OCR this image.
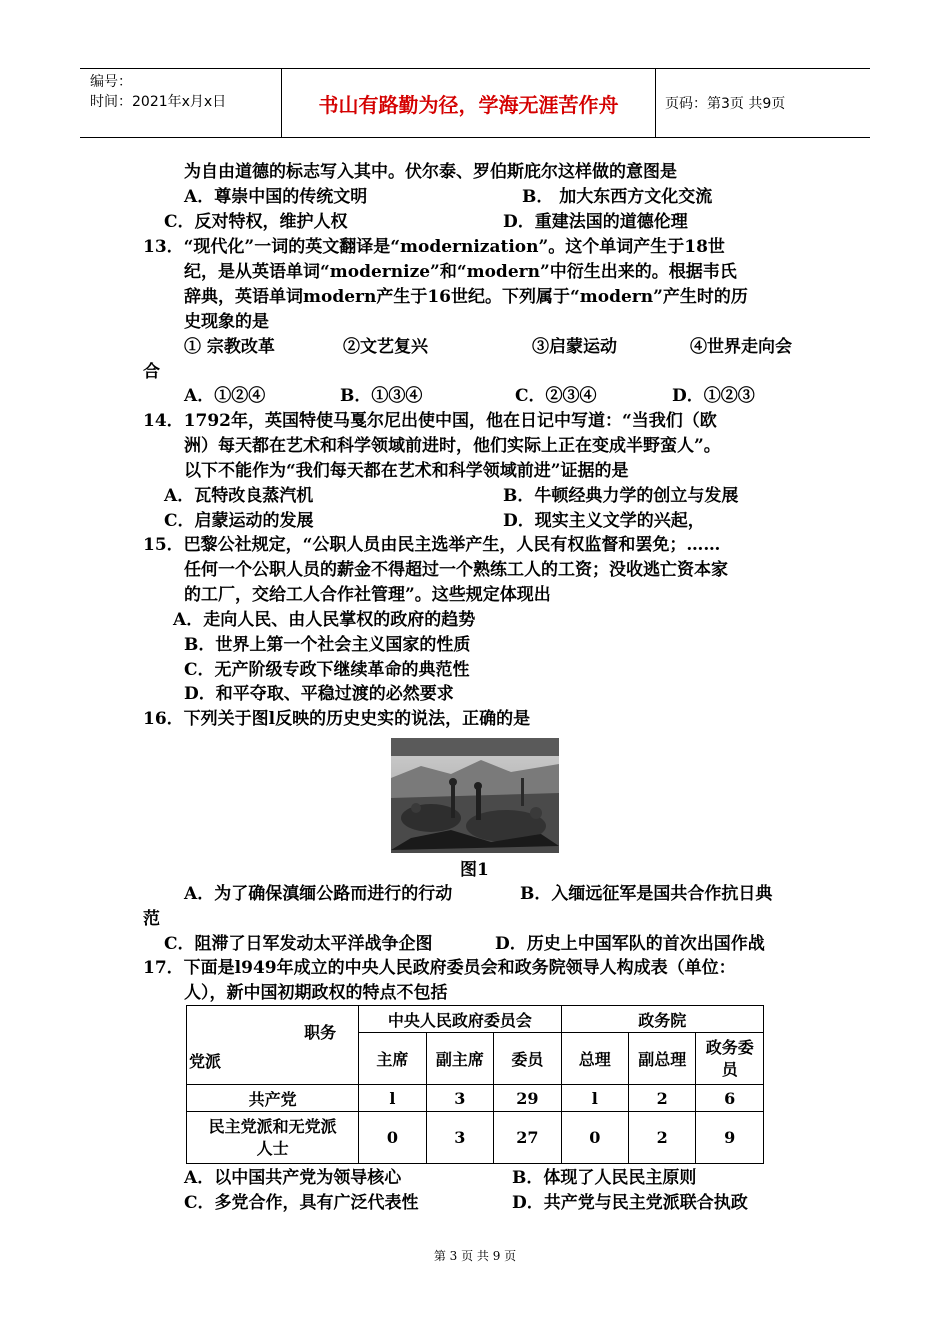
编号：
时间：2021年x月x日	书山有路勤为径，学海无涯苦作舟	页码：第3页 共9页
为自由道德的标志写入其中。伏尔泰、罗伯斯庇尔这样做的意图是
A．尊崇中国的传统文明	B． 加大东西方文化交流
C．反对特权，维护人权	D．重建法国的道德伦理
13．“现代化”一词的英文翻译是“modernization”。这个单词产生于18世
纪，是从英语单词“modernize”和“modern”中衍生出来的。根据韦氏
辞典，英语单词modern产生于16世纪。下列属于“modern”产生时的历
史现象的是
① 宗教改革	②文艺复兴	③启蒙运动	④世界走向会
合
A．①②④	B．①③④	C．②③④	D．①②③
14．1792年，英国特使马戛尔尼出使中国，他在日记中写道：“当我们（欧
洲）每天都在艺术和科学领域前进时，他们实际上正在变成半野蛮人”。
以下不能作为“我们每天都在艺术和科学领域前进”证据的是
A．瓦特改良蒸汽机	B．牛顿经典力学的创立与发展
C．启蒙运动的发展	D．现实主义文学的兴起，
15．巴黎公社规定，“公职人员由民主选举产生，人民有权监督和罢免；……
任何一个公职人员的薪金不得超过一个熟练工人的工资；没收逃亡资本家
的工厂，交给工人合作社管理”。这些规定体现出
A．走向人民、由人民掌权的政府的趋势
B．世界上第一个社会主义国家的性质
C．无产阶级专政下继续革命的典范性
D．和平夺取、平稳过渡的必然要求
16．下列关于图l反映的历史史实的说法，正确的是
图1
A．为了确保滇缅公路而进行的行动	B．入缅远征军是国共合作抗日典
范
C．阻滞了日军发动太平洋战争企图	D．历史上中国军队的首次出国作战
17．下面是l949年成立的中央人民政府委员会和政务院领导人构成表（单位：
人），新中国初期政权的特点不包括
职务
党派	中央人民政府委员会			政务院		
	主席	副主席	委员	总理	副总理	政务委员

共产党	l	3	29	l	2	6

民主党派和无党派人士	0	3	27	0	2	9
A．以中国共产党为领导核心	B．体现了人民民主原则
C．多党合作，具有广泛代表性	D．共产党与民主党派联合执政
第 3 页 共 9 页
